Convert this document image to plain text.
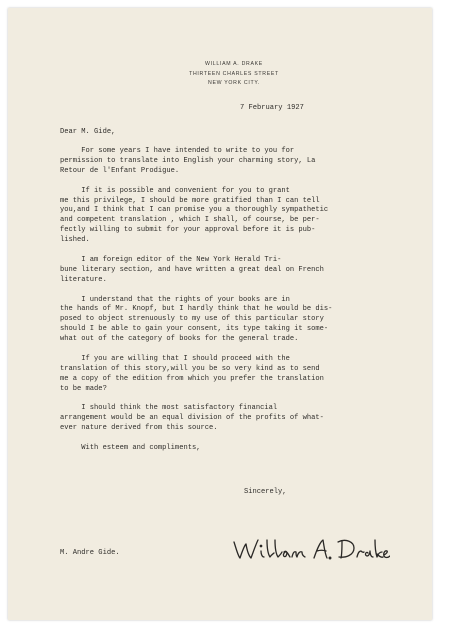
WILLIAM A. DRAKE
THIRTEEN CHARLES STREET
NEW YORK CITY.
7 February 1927
Dear M. Gide,
For some years I have intended to write to you for
permission to translate into English your charming story, La
Retour de l'Enfant Prodigue.
If it is possible and convenient for you to grant
me this privilege, I should be more gratified than I can tell
you,and I think that I can promise you a thoroughly sympathetic
and competent translation , which I shall, of course, be per-
fectly willing to submit for your approval before it is pub-
lished.
I am foreign editor of the New York Herald Tri-
bune literary section, and have written a great deal on French
literature.
I understand that the rights of your books are in
the hands of Mr. Knopf, but I hardly think that he would be dis-
posed to object strenuously to my use of this particular story
should I be able to gain your consent, its type taking it some-
what out of the category of books for the general trade.
If you are willing that I should proceed with the
translation of this story,will you be so very kind as to send
me a copy of the edition from which you prefer the translation
to be made?
I should think the most satisfactory financial
arrangement would be an equal division of the profits of what-
ever nature derived from this source.
With esteem and compliments,
Sincerely,
M. Andre Gide.
